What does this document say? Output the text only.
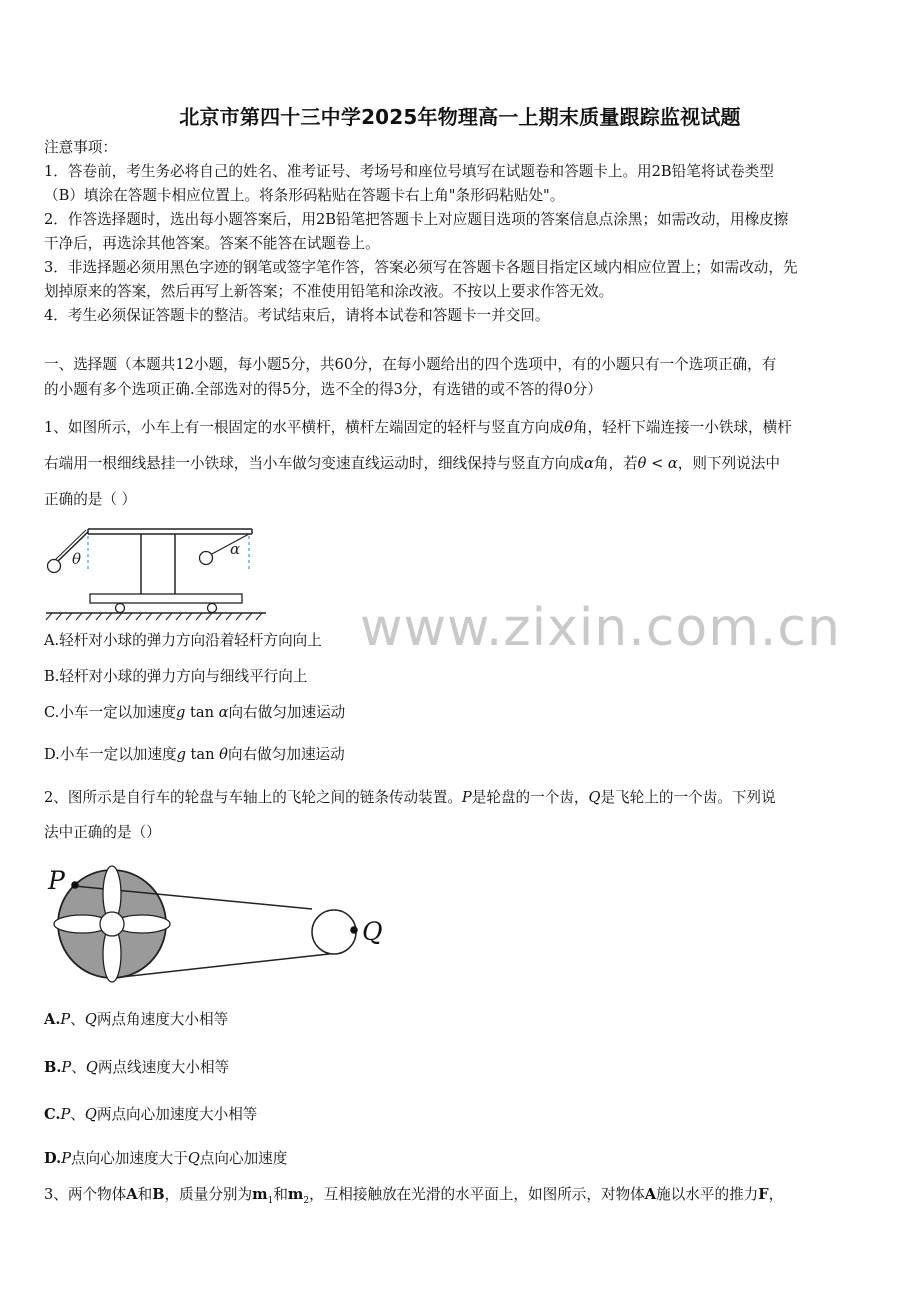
北京市第四十三中学2025年物理高一上期末质量跟踪监视试题
注意事项：
1．答卷前，考生务必将自己的姓名、准考证号、考场号和座位号填写在试题卷和答题卡上。用2B铅笔将试卷类型
（B）填涂在答题卡相应位置上。将条形码粘贴在答题卡右上角"条形码粘贴处"。
2．作答选择题时，选出每小题答案后，用2B铅笔把答题卡上对应题目选项的答案信息点涂黑；如需改动，用橡皮擦
干净后，再选涂其他答案。答案不能答在试题卷上。
3．非选择题必须用黑色字迹的钢笔或签字笔作答，答案必须写在答题卡各题目指定区域内相应位置上；如需改动，先
划掉原来的答案，然后再写上新答案；不准使用铅笔和涂改液。不按以上要求作答无效。
4．考生必须保证答题卡的整洁。考试结束后，请将本试卷和答题卡一并交回。
一、选择题（本题共12小题，每小题5分，共60分，在每小题给出的四个选项中，有的小题只有一个选项正确，有
的小题有多个选项正确.全部选对的得5分，选不全的得3分，有选错的或不答的得0分）
1、如图所示，小车上有一根固定的水平横杆，横杆左端固定的轻杆与竖直方向成θ角，轻杆下端连接一小铁球，横杆
右端用一根细线悬挂一小铁球，当小车做匀变速直线运动时，细线保持与竖直方向成α角，若θ < α，则下列说法中
正确的是（ ）
θ
α
www.zixin.com.cn
A.轻杆对小球的弹力方向沿着轻杆方向向上
B.轻杆对小球的弹力方向与细线平行向上
C.小车一定以加速度g tan α向右做匀加速运动
D.小车一定以加速度g tan θ向右做匀加速运动
2、图所示是自行车的轮盘与车轴上的飞轮之间的链条传动装置。P是轮盘的一个齿，Q是飞轮上的一个齿。下列说
法中正确的是（）
P
Q
A.P、Q两点角速度大小相等
B.P、Q两点线速度大小相等
C.P、Q两点向心加速度大小相等
D.P点向心加速度大于Q点向心加速度
3、两个物体A和B，质量分别为$m_1$和$m_2$，互相接触放在光滑的水平面上，如图所示，对物体A施以水平的推力F，
